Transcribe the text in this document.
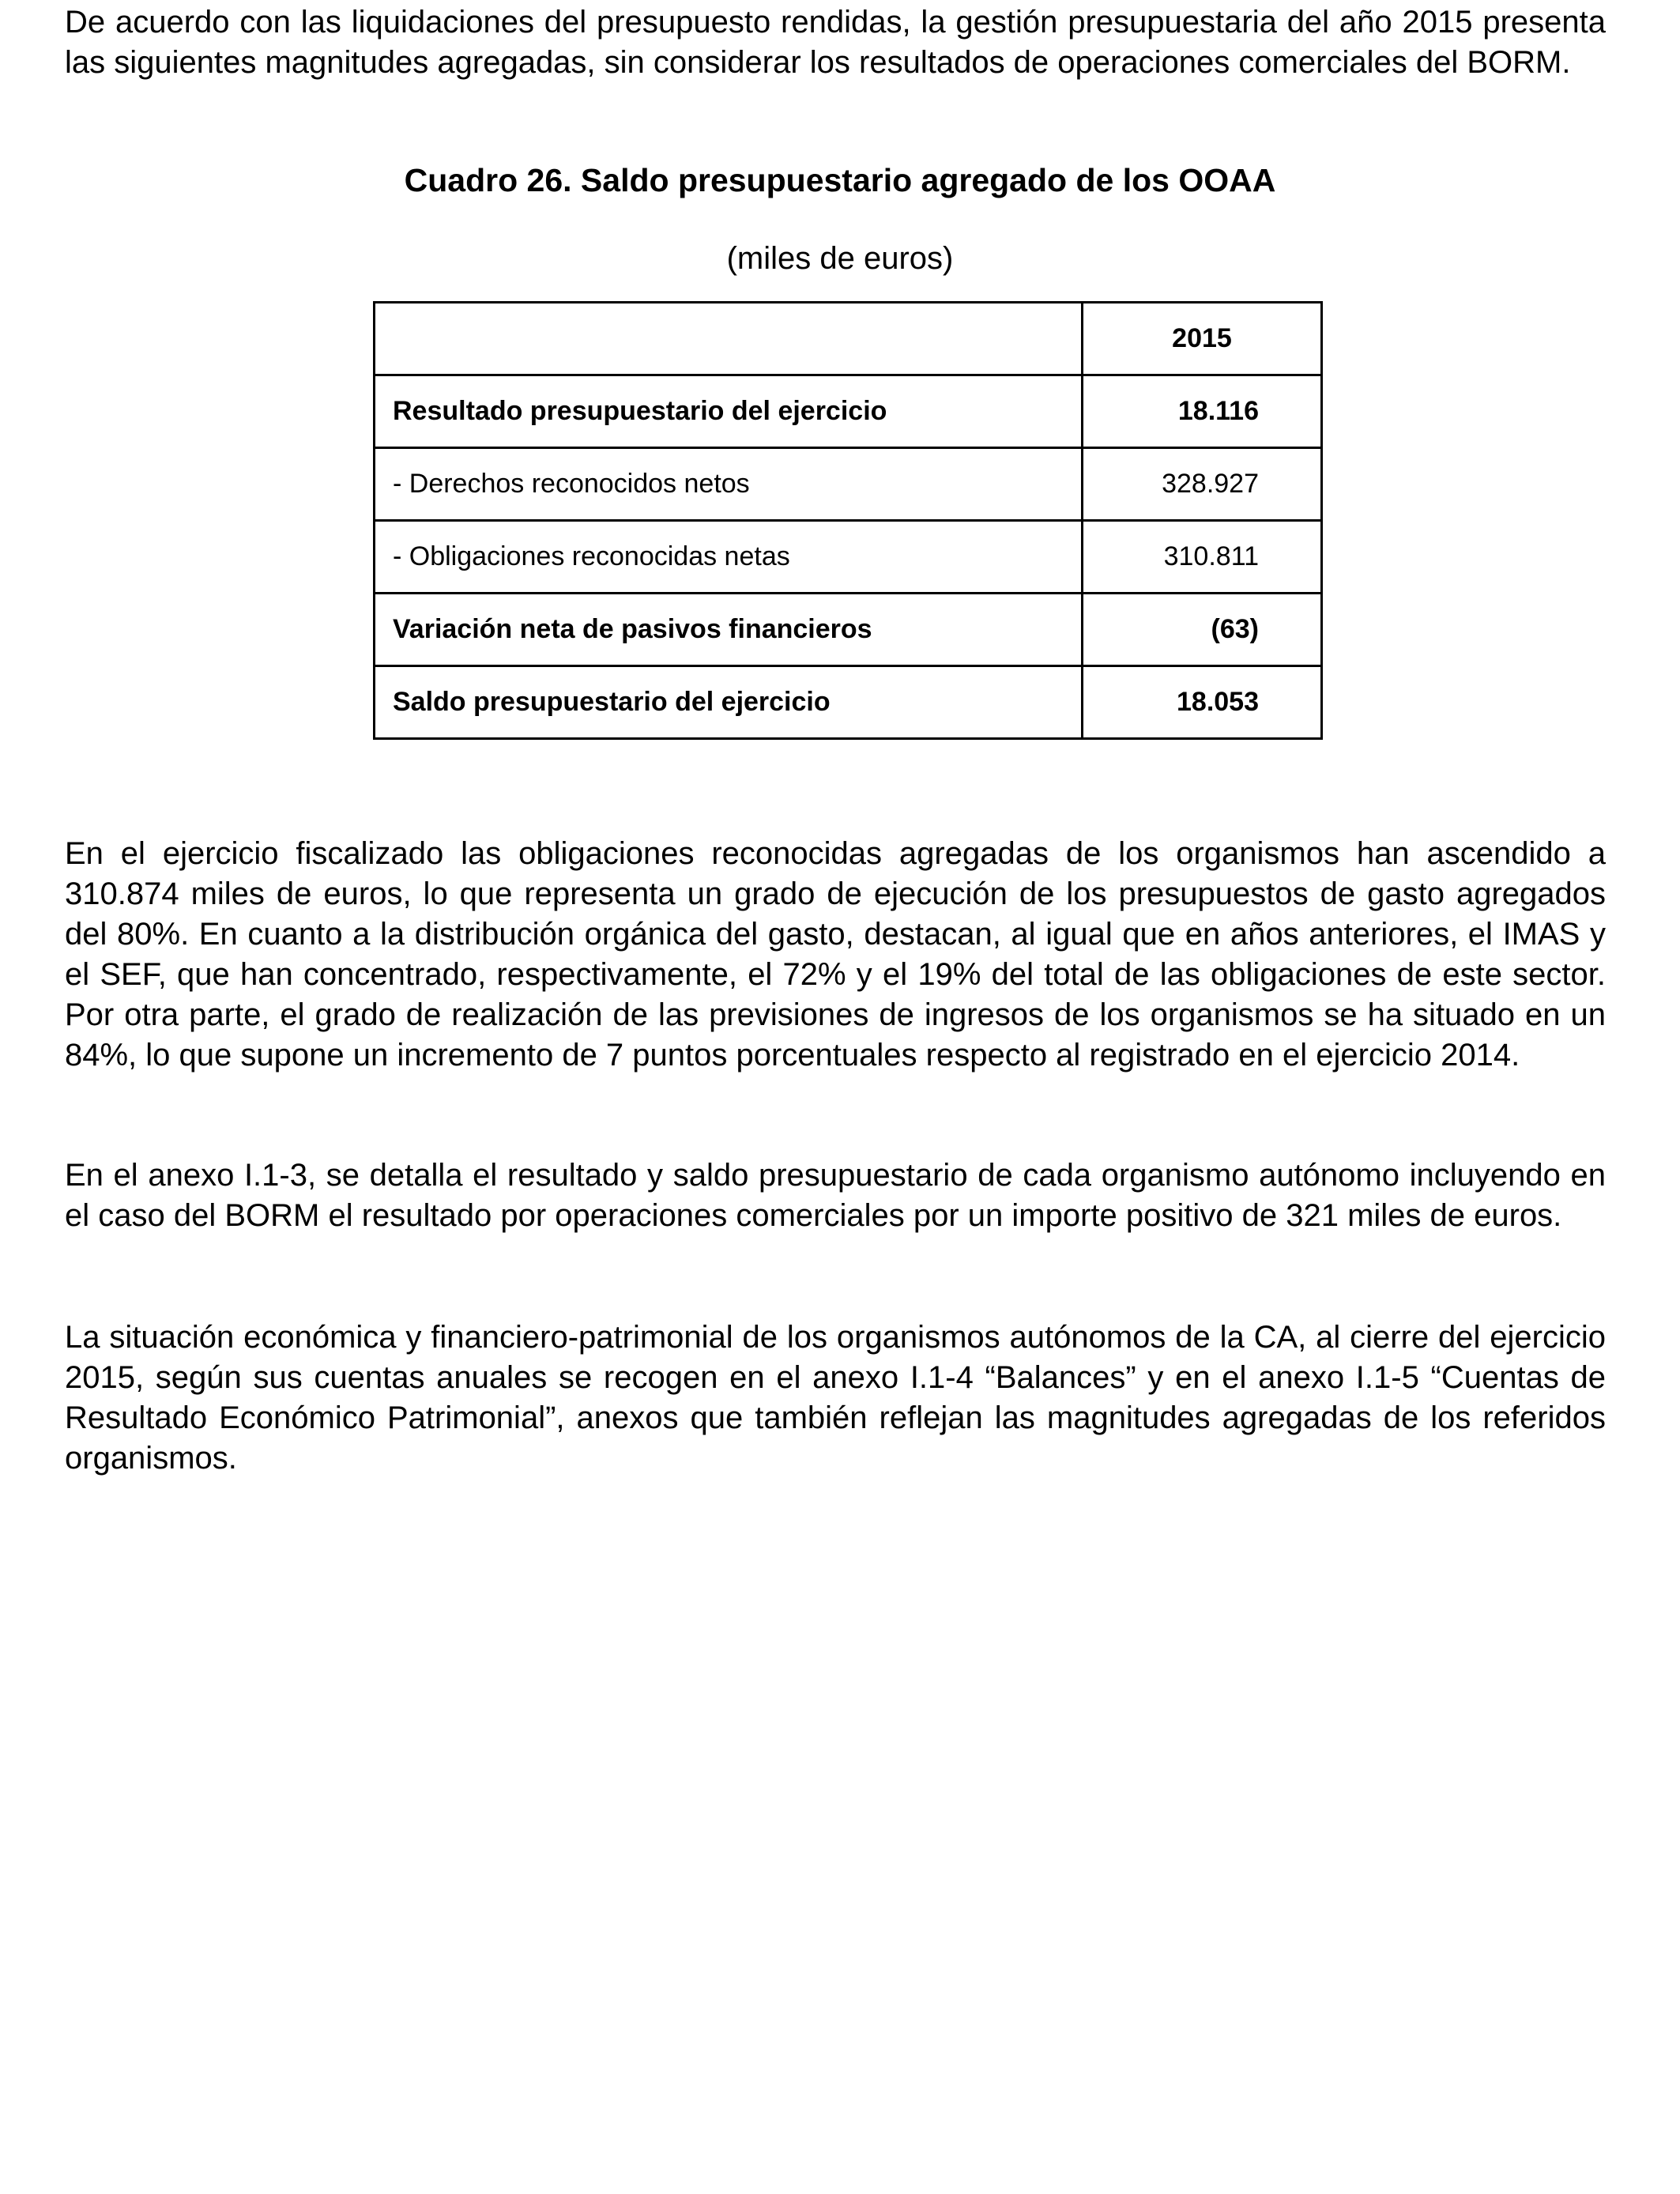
De acuerdo con las liquidaciones del presupuesto rendidas, la gestión presupuestaria del año 2015 presenta las siguientes magnitudes agregadas, sin considerar los resultados de operaciones comerciales del BORM.

Cuadro 26. Saldo presupuestario agregado de los OOAA

(miles de euros)

	2015
Resultado presupuestario del ejercicio	18.116
- Derechos reconocidos netos	328.927
- Obligaciones reconocidas netas	310.811
Variación neta de pasivos financieros	(63)
Saldo presupuestario del ejercicio	18.053

En el ejercicio fiscalizado las obligaciones reconocidas agregadas de los organismos han ascendido a 310.874 miles de euros, lo que representa un grado de ejecución de los presupuestos de gasto agregados del 80%. En cuanto a la distribución orgánica del gasto, destacan, al igual que en años anteriores, el IMAS y el SEF, que han concentrado, respectivamente, el 72% y el 19% del total de las obligaciones de este sector. Por otra parte, el grado de realización de las previsiones de ingresos de los organismos se ha situado en un 84%, lo que supone un incremento de 7 puntos porcentuales respecto al registrado en el ejercicio 2014.

En el anexo I.1-3, se detalla el resultado y saldo presupuestario de cada organismo autónomo incluyendo en el caso del BORM el resultado por operaciones comerciales por un importe positivo de 321 miles de euros.

La situación económica y financiero-patrimonial de los organismos autónomos de la CA, al cierre del ejercicio 2015, según sus cuentas anuales se recogen en el anexo I.1-4 “Balances” y en el anexo I.1-5 “Cuentas de Resultado Económico Patrimonial”, anexos que también reflejan las magnitudes agregadas de los referidos organismos.
